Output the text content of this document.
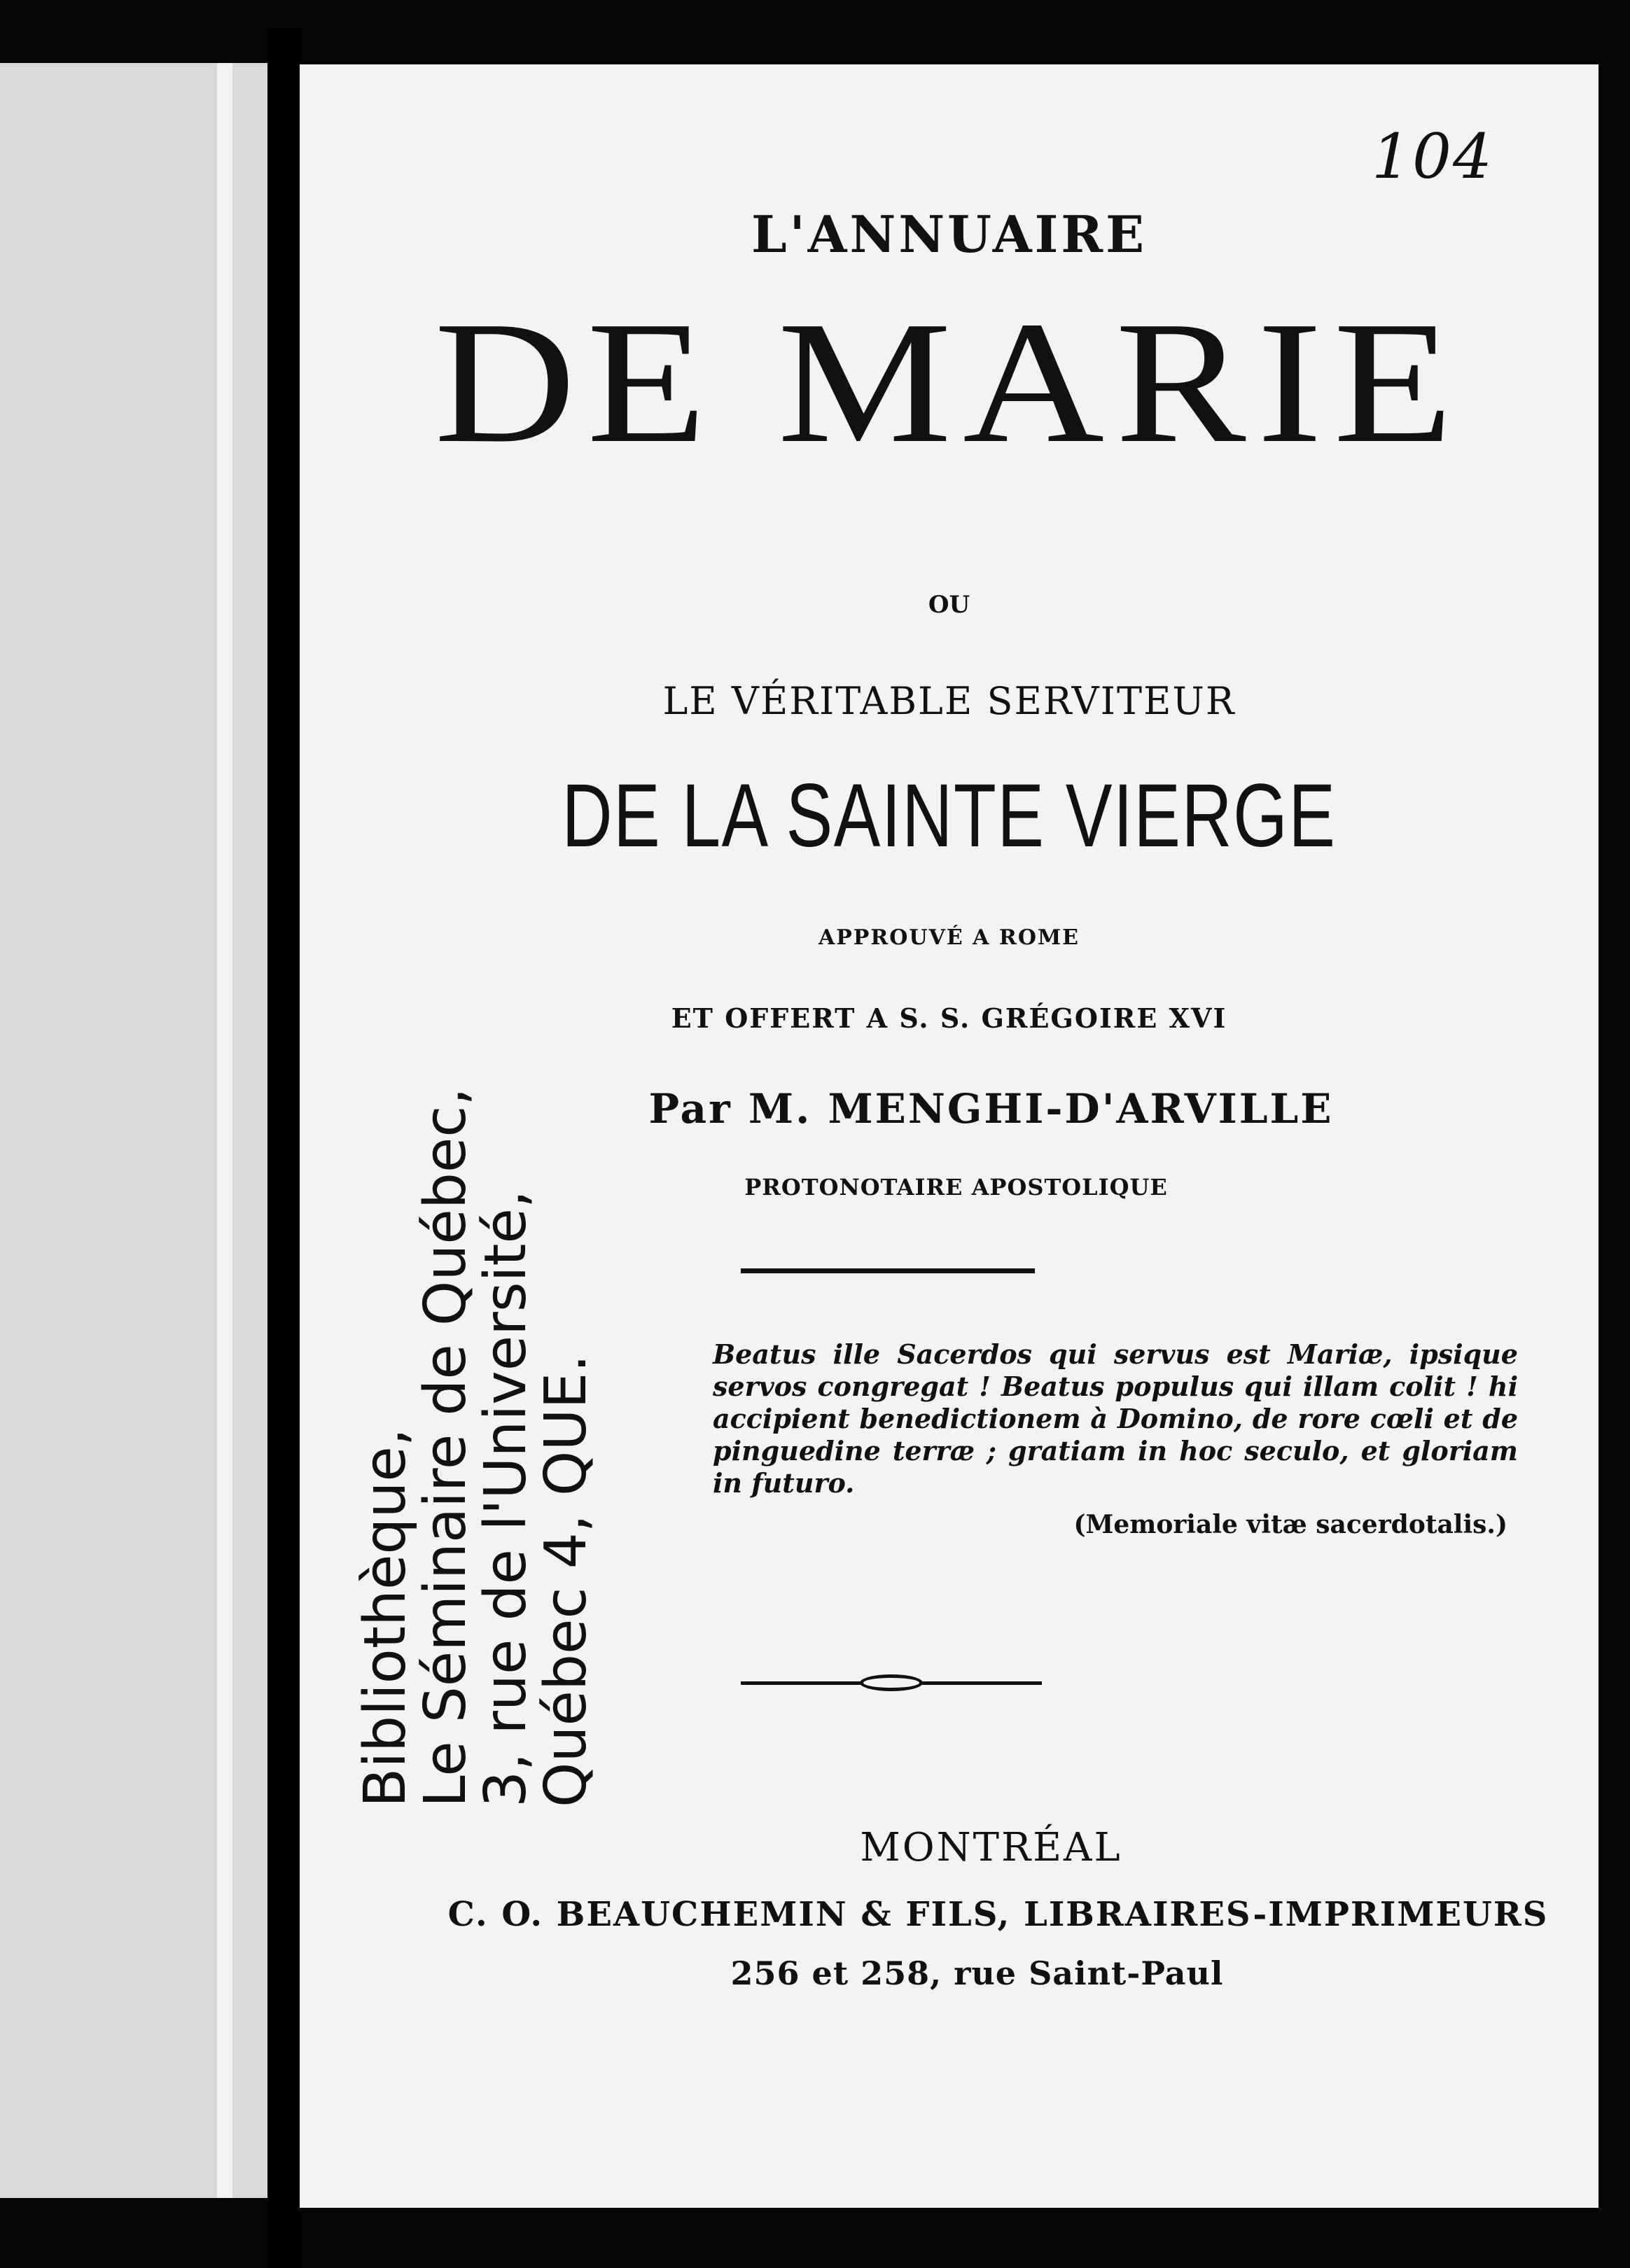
104
L'ANNUAIRE
DE MARIE
OU
LE VÉRITABLE SERVITEUR
DE LA SAINTE VIERGE
APPROUVÉ A ROME
ET OFFERT A S. S. GRÉGOIRE XVI
Par M. MENGHI-D'ARVILLE
PROTONOTAIRE APOSTOLIQUE
Beatus ille Sacerdos qui servus est Mariæ, ipsique servos congregat ! Beatus populus qui illam colit ! hi accipient benedictionem à Domino, de rore cœli et de pinguedine terræ ; gratiam in hoc seculo, et gloriam in futuro.
(Memoriale vitæ sacerdotalis.)
MONTRÉAL
C. O. BEAUCHEMIN & FILS, LIBRAIRES-IMPRIMEURS
256 et 258, rue Saint-Paul
Bibliothèque,
Le Séminaire de Québec,
3, rue de l'Université,
Québec 4, QUE.
